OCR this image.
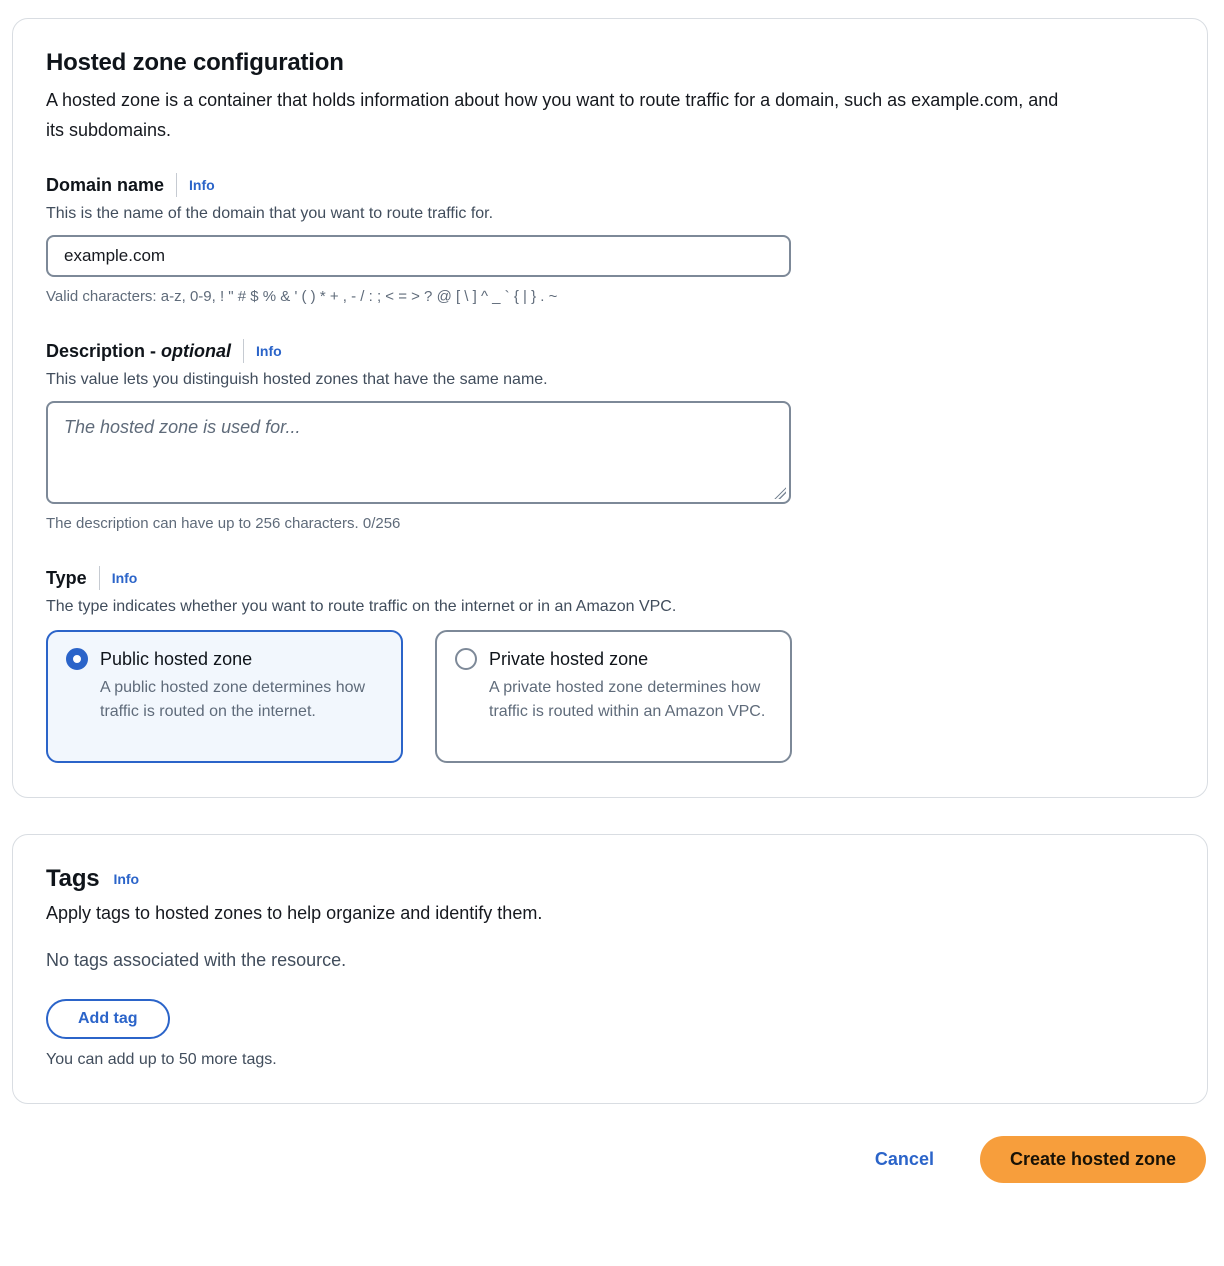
Hosted zone configuration

A hosted zone is a container that holds information about how you want to route traffic for a domain, such as example.com, and its subdomains.

Domain name Info
This is the name of the domain that you want to route traffic for.
example.com
Valid characters: a-z, 0-9, ! " # $ % & ' ( ) * + , - / : ; < = > ? @ [ \ ] ^ _ ` { | } . ~
Description - optional Info
This value lets you distinguish hosted zones that have the same name.
The hosted zone is used for...
The description can have up to 256 characters. 0/256
Type Info
The type indicates whether you want to route traffic on the internet or in an Amazon VPC.
Public hosted zone
A public hosted zone determines how traffic is routed on the internet.
Private hosted zone
A private hosted zone determines how traffic is routed within an Amazon VPC.
Tags Info
Apply tags to hosted zones to help organize and identify them.
No tags associated with the resource.
Add tag
You can add up to 50 more tags.
Cancel	Create hosted zone
